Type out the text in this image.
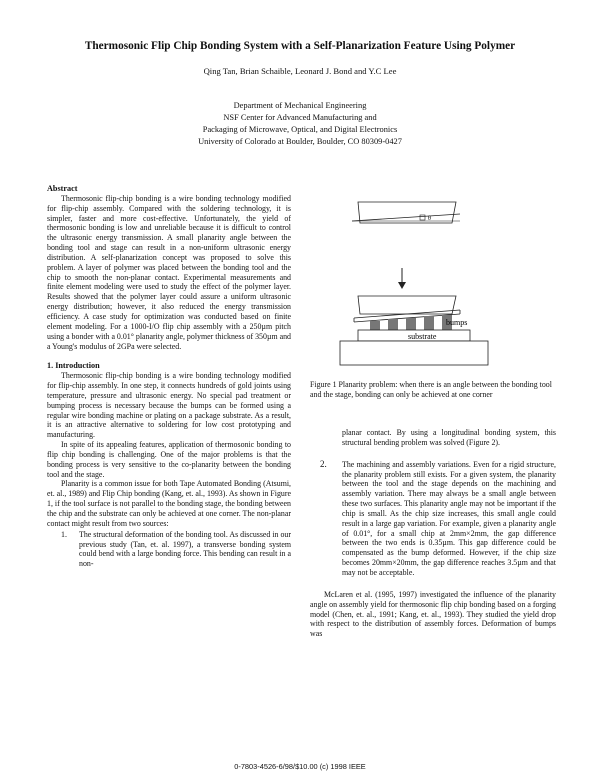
Thermosonic Flip Chip Bonding System with a Self-Planarization Feature Using Polymer
Qing Tan, Brian Schaible, Leonard J. Bond and Y.C Lee
Department of Mechanical Engineering
NSF Center for Advanced Manufacturing and
Packaging of Microwave, Optical, and Digital Electronics
University of Colorado at Boulder, Boulder, CO 80309-0427
Abstract

Thermosonic flip-chip bonding is a wire bonding technology modified for flip-chip assembly. Compared with the soldering technology, it is simpler, faster and more cost-effective. Unfortunately, the yield of thermosonic bonding is low and unreliable because it is difficult to control the ultrasonic energy transmission. A small planarity angle between the bonding tool and stage can result in a non-uniform ultrasonic energy distribution. A self-planarization concept was proposed to solve this problem. A layer of polymer was placed between the bonding tool and the chip to smooth the non-planar contact. Experimental measurements and finite element modeling were used to study the effect of the polymer layer. Results showed that the polymer layer could assure a uniform ultrasonic energy distribution; however, it also reduced the energy transmission efficiency. A case study for optimization was conducted based on finite element modeling. For a 1000-I/O flip chip assembly with a 250µm pitch using a bonder with a 0.01° planarity angle, polymer thickness of 350µm and a Young's modulus of 2GPa were selected.

1. Introduction

Thermosonic flip-chip bonding is a wire bonding technology modified for flip-chip assembly. In one step, it connects hundreds of gold joints using temperature, pressure and ultrasonic energy. No special pad treatment or bumping process is necessary because the bumps can be formed using a regular wire bonding machine or plating on a package substrate. As a result, it is an attractive alternative to soldering for low cost prototyping and manufacturing.

In spite of its appealing features, application of thermosonic bonding to flip chip bonding is challenging. One of the major problems is that the bonding process is very sensitive to the co-planarity between the bonding tool and the stage.

Planarity is a common issue for both Tape Automated Bonding (Atsumi, et. al., 1989) and Flip Chip bonding (Kang, et. al., 1993). As shown in Figure 1, if the tool surface is not parallel to the bonding stage, the bonding between the chip and the substrate can only be achieved at one corner. The non-planar contact might result from two sources:

1.	The structural deformation of the bonding tool. As discussed in our previous study (Tan, et. al. 1997), a transverse bonding system could bend with a large bonding force. This bending can result in a non-
θ
bumps
substrate
Figure 1 Planarity problem: when there is an angle between the bonding tool and the stage, bonding can only be achieved at one corner

planar contact. By using a longitudinal bonding system, this structural bending problem was solved (Figure 2).

2.	The machining and assembly variations. Even for a rigid structure, the planarity problem still exists. For a given system, the planarity between the tool and the stage depends on the machining and assembly variation. There may always be a small angle between these two surfaces. This planarity angle may not be important if the chip is small. As the chip size increases, this small angle could result in a large gap variation. For example, given a planarity angle of 0.01°, for a small chip at 2mm×2mm, the gap difference between the two ends is 0.35µm. This gap difference could be compensated as the bump deformed. However, if the chip size becomes 20mm×20mm, the gap difference reaches 3.5µm and that may not be acceptable.

McLaren et al. (1995, 1997) investigated the influence of the planarity angle on assembly yield for thermosonic flip chip bonding based on a forging model (Chen, et. al., 1991; Kang, et. al., 1993). They studied the yield drop with respect to the distribution of assembly forces. Deformation of bumps was

0-7803-4526-6/98/$10.00 (c) 1998 IEEE
